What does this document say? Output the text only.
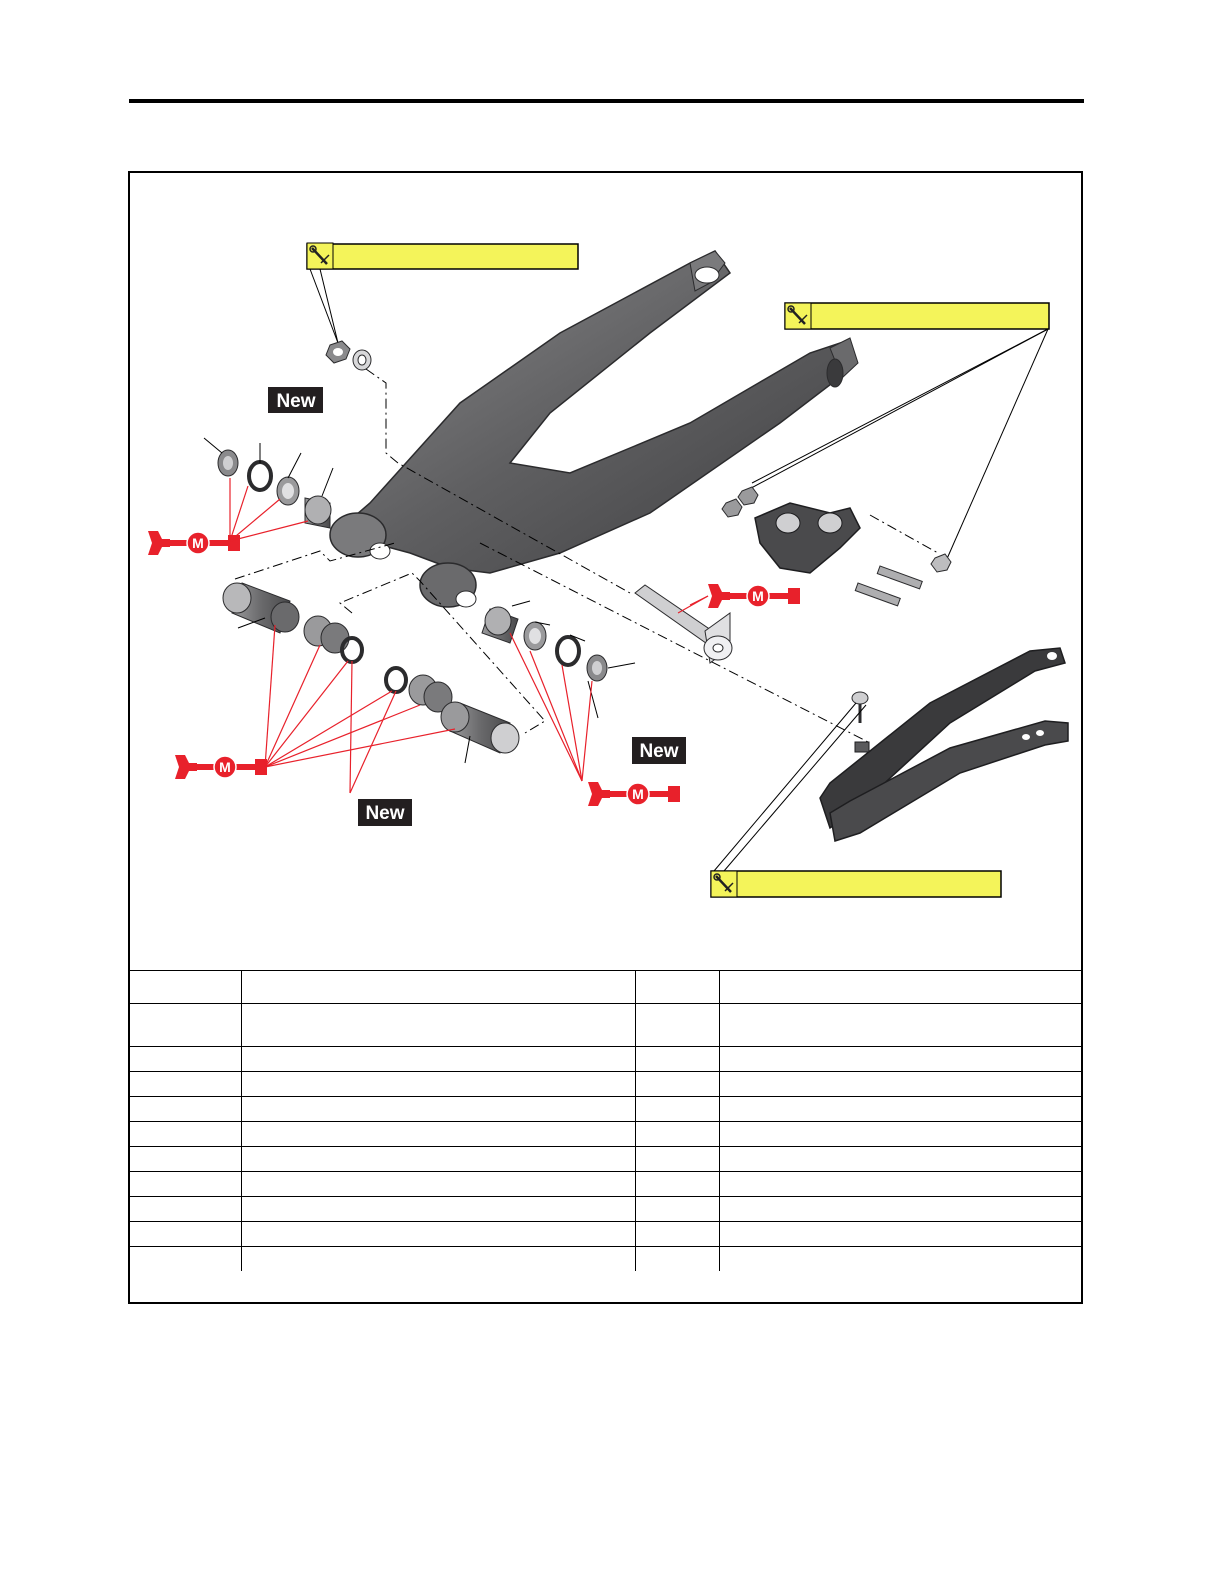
M
New
New
New
